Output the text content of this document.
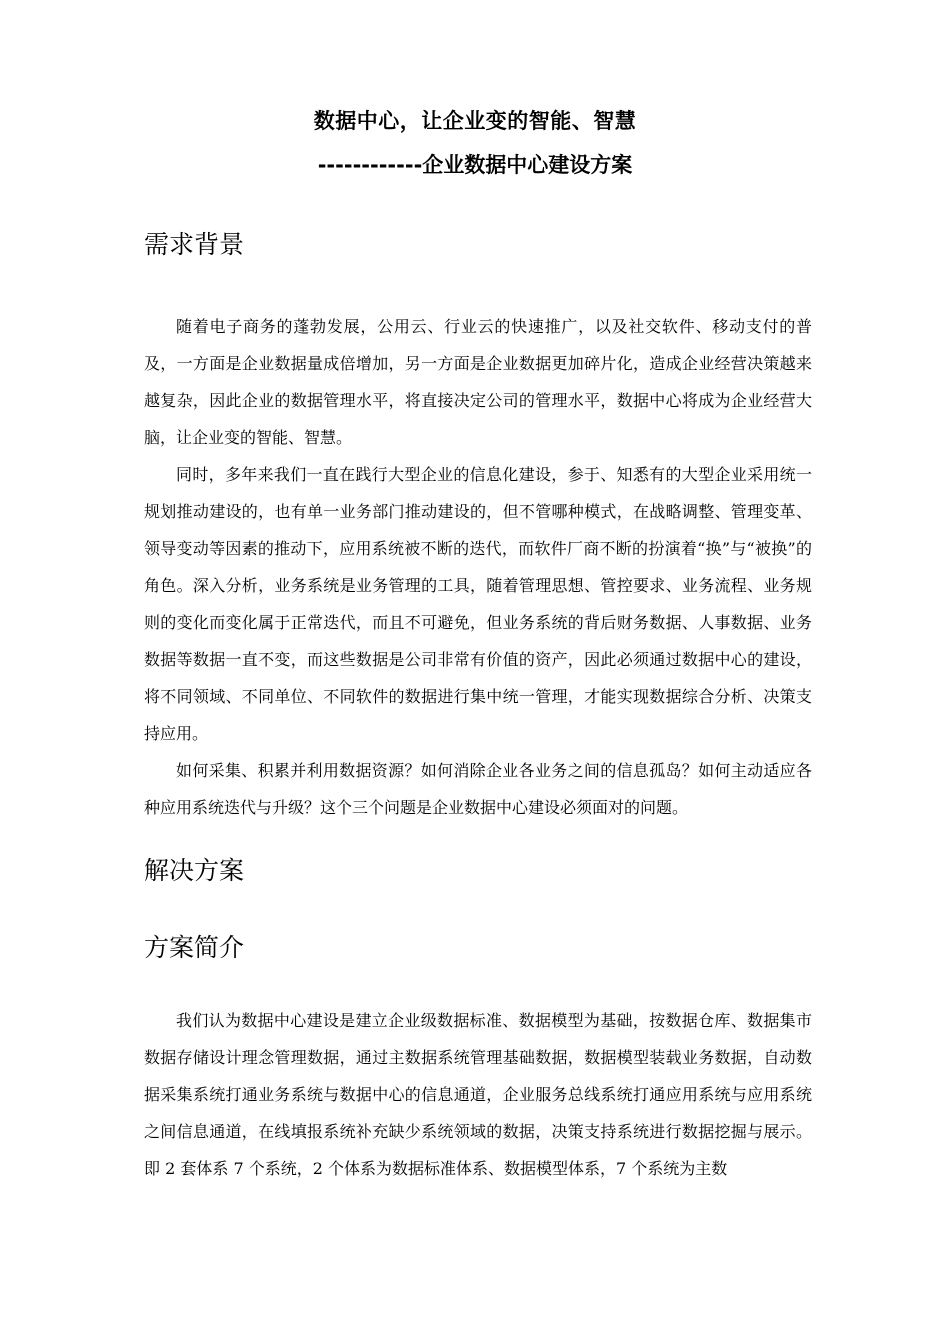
数据中心，让企业变的智能、智慧
------------企业数据中心建设方案
需求背景

随着电子商务的蓬勃发展，公用云、行业云的快速推广，以及社交软件、移动支付的普及，一方面是企业数据量成倍增加，另一方面是企业数据更加碎片化，造成企业经营决策越来越复杂，因此企业的数据管理水平，将直接决定公司的管理水平，数据中心将成为企业经营大脑，让企业变的智能、智慧。

同时，多年来我们一直在践行大型企业的信息化建设，参于、知悉有的大型企业采用统一规划推动建设的，也有单一业务部门推动建设的，但不管哪种模式，在战略调整、管理变革、领导变动等因素的推动下，应用系统被不断的迭代，而软件厂商不断的扮演着“换”与“被换”的角色。深入分析，业务系统是业务管理的工具，随着管理思想、管控要求、业务流程、业务规则的变化而变化属于正常迭代，而且不可避免，但业务系统的背后财务数据、人事数据、业务数据等数据一直不变，而这些数据是公司非常有价值的资产，因此必须通过数据中心的建设，将不同领域、不同单位、不同软件的数据进行集中统一管理，才能实现数据综合分析、决策支持应用。

如何采集、积累并利用数据资源？如何消除企业各业务之间的信息孤岛？如何主动适应各种应用系统迭代与升级？这个三个问题是企业数据中心建设必须面对的问题。

解决方案
方案简介

我们认为数据中心建设是建立企业级数据标准、数据模型为基础，按数据仓库、数据集市数据存储设计理念管理数据，通过主数据系统管理基础数据，数据模型装载业务数据，自动数据采集系统打通业务系统与数据中心的信息通道，企业服务总线系统打通应用系统与应用系统之间信息通道，在线填报系统补充缺少系统领域的数据，决策支持系统进行数据挖掘与展示。即 2 套体系 7 个系统，2 个体系为数据标准体系、数据模型体系，7 个系统为主数
